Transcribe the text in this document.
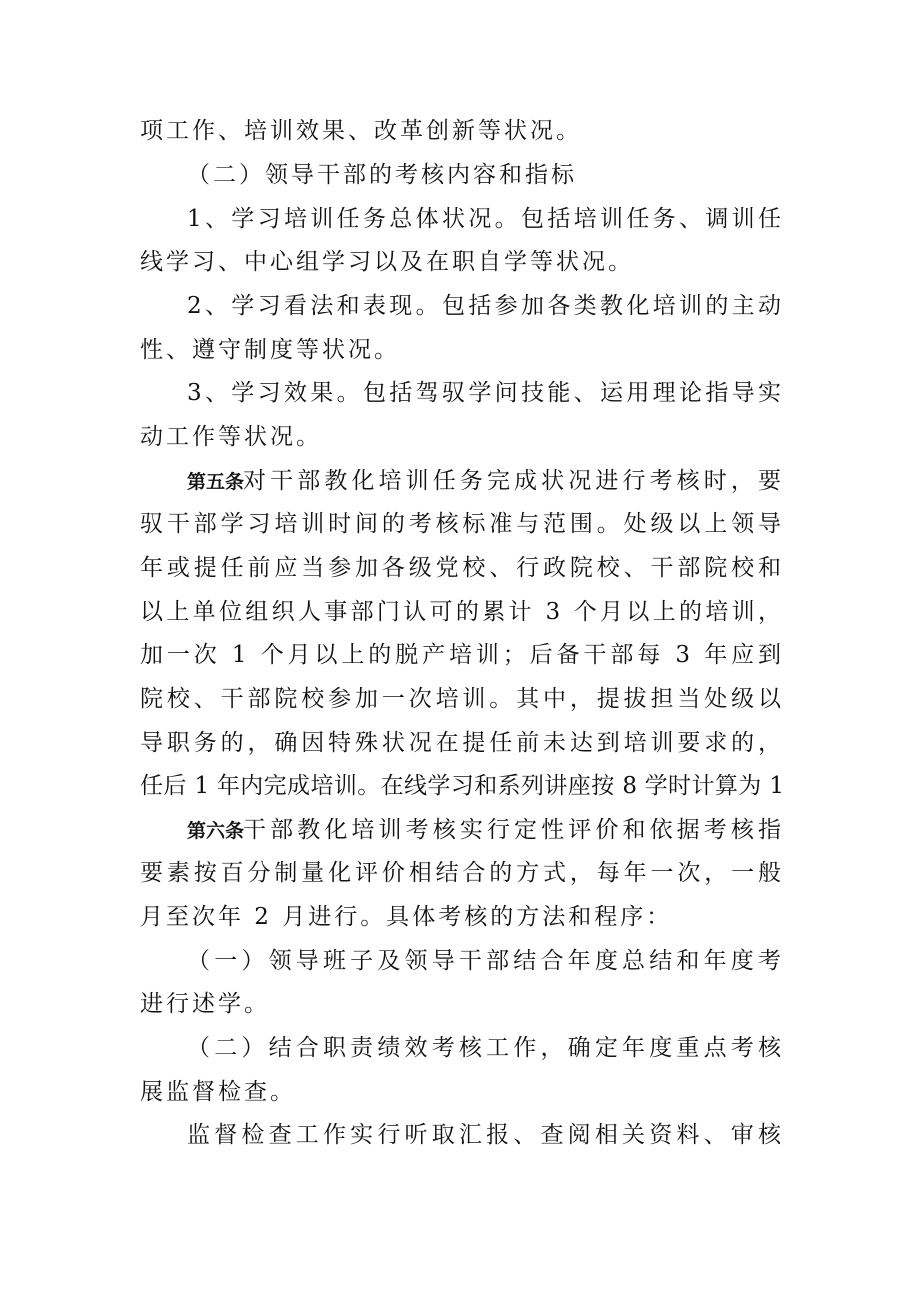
项工作、培训效果、改革创新等状况。
（二）领导干部的考核内容和指标
1、学习培训任务总体状况。包括培训任务、调训任
线学习、中心组学习以及在职自学等状况。
2、学习看法和表现。包括参加各类教化培训的主动
性、遵守制度等状况。
3、学习效果。包括驾驭学问技能、运用理论指导实
动工作等状况。
第五条
对干部教化培训任务完成状况进行考核时，要
驭干部学习培训时间的考核标准与范围。处级以上领导
年或提任前应当参加各级党校、行政院校、干部院校和
以上单位组织人事部门认可的累计 3 个月以上的培训，
加一次 1 个月以上的脱产培训；后备干部每 3 年应到
院校、干部院校参加一次培训。其中，提拔担当处级以
导职务的，确因特殊状况在提任前未达到培训要求的，
任后 1 年内完成培训。在线学习和系列讲座按 8 学时计算为 1
第六条
干部教化培训考核实行定性评价和依据考核指
要素按百分制量化评价相结合的方式，每年一次，一般
月至次年 2 月进行。具体考核的方法和程序：
（一）领导班子及领导干部结合年度总结和年度考
进行述学。
（二）结合职责绩效考核工作，确定年度重点考核
展监督检查。
监督检查工作实行听取汇报、查阅相关资料、审核
